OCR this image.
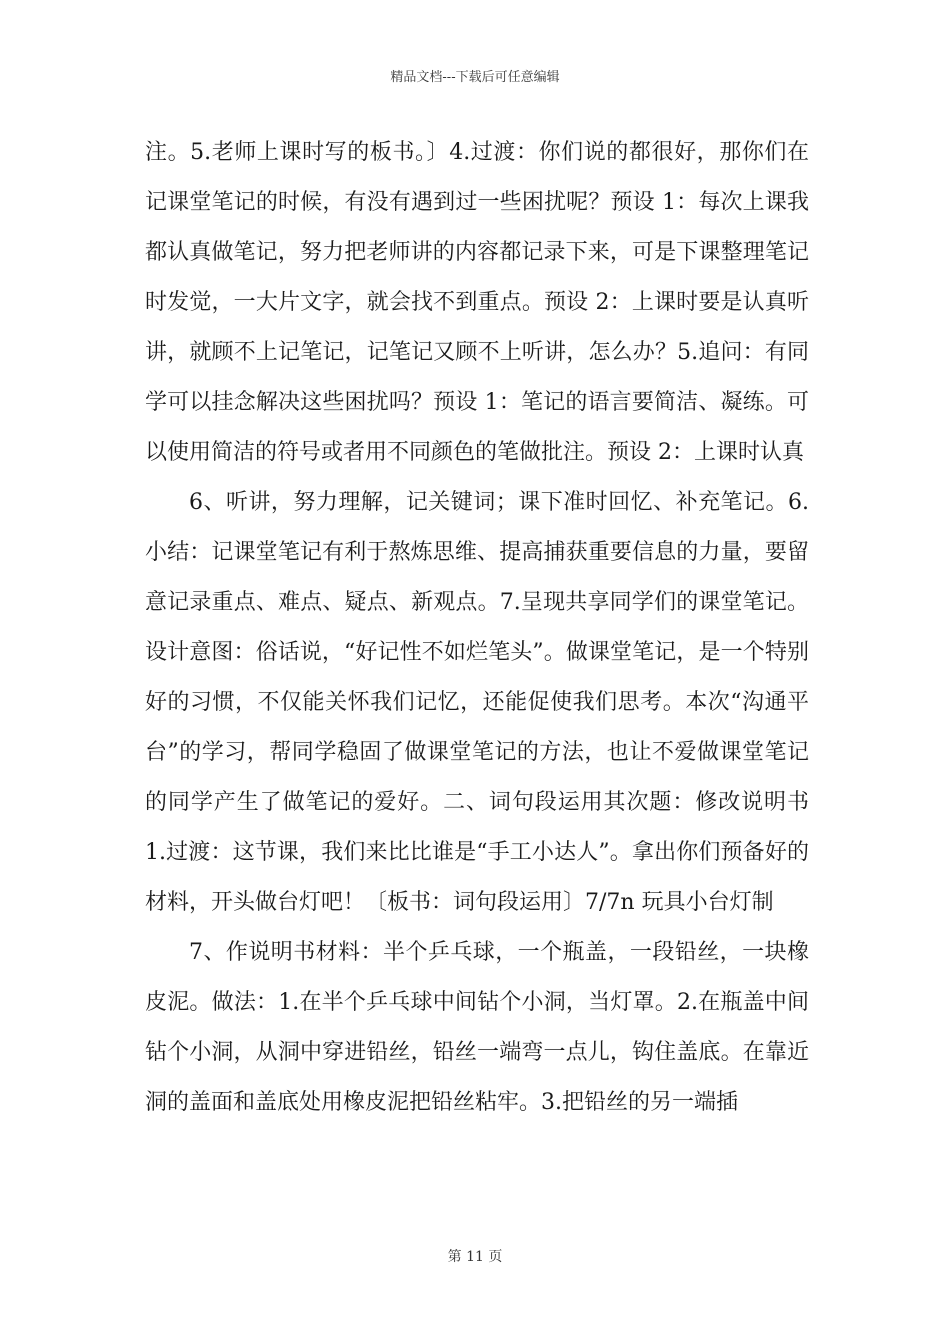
精品文档---下载后可任意编辑

注。5.老师上课时写的板书。〕4.过渡：你们说的都很好，那你们在记课堂笔记的时候，有没有遇到过一些困扰呢？预设 1：每次上课我都认真做笔记，努力把老师讲的内容都记录下来，可是下课整理笔记时发觉，一大片文字，就会找不到重点。预设 2：上课时要是认真听讲，就顾不上记笔记，记笔记又顾不上听讲，怎么办？5.追问：有同学可以挂念解决这些困扰吗？预设 1：笔记的语言要简洁、凝练。可以使用简洁的符号或者用不同颜色的笔做批注。预设 2：上课时认真

6、听讲，努力理解，记关键词；课下准时回忆、补充笔记。6.小结：记课堂笔记有利于熬炼思维、提高捕获重要信息的力量，要留意记录重点、难点、疑点、新观点。7.呈现共享同学们的课堂笔记。设计意图：俗话说，“好记性不如烂笔头”。做课堂笔记，是一个特别好的习惯，不仅能关怀我们记忆，还能促使我们思考。本次“沟通平台”的学习，帮同学稳固了做课堂笔记的方法，也让不爱做课堂笔记的同学产生了做笔记的爱好。二、词句段运用其次题：修改说明书 1.过渡：这节课，我们来比比谁是“手工小达人”。拿出你们预备好的材料，开头做台灯吧！〔板书：词句段运用〕7/7n 玩具小台灯制

7、作说明书材料：半个乒乓球，一个瓶盖，一段铅丝，一块橡皮泥。做法：1.在半个乒乓球中间钻个小洞，当灯罩。2.在瓶盖中间钻个小洞，从洞中穿进铅丝，铅丝一端弯一点儿，钩住盖底。在靠近洞的盖面和盖底处用橡皮泥把铅丝粘牢。3.把铅丝的另一端插

第 11 页
